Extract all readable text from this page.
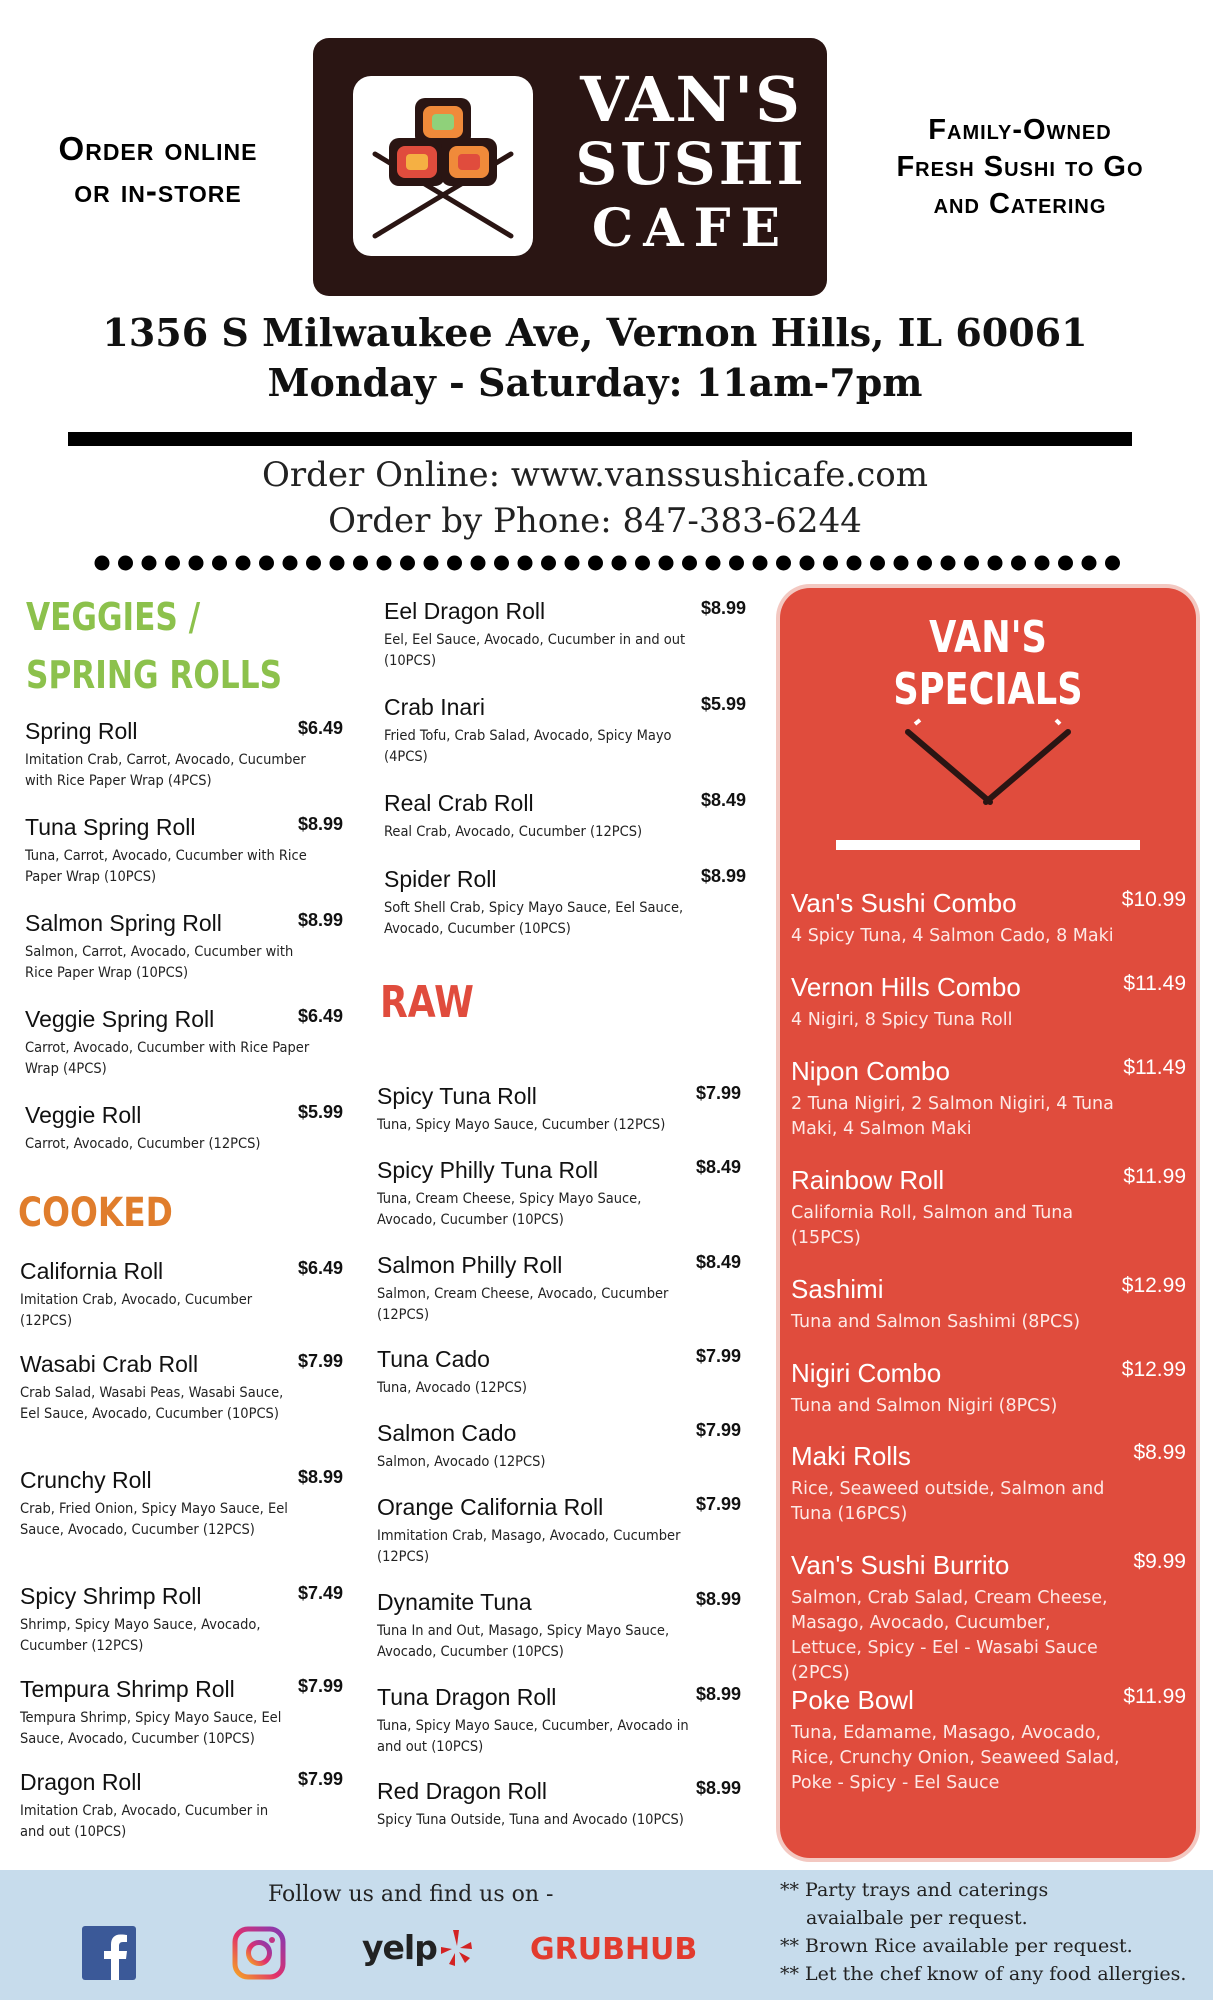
Order online
or in-store
VAN'S
SUSHI
CAFE
Family-Owned
Fresh Sushi to Go
and Catering
1356 S Milwaukee Ave, Vernon Hills, IL 60061
Monday - Saturday: 11am-7pm
Order Online: www.vanssushicafe.com
Order by Phone: 847-383-6244
VEGGIES /
SPRING ROLLS
Spring Roll	$6.49
Imitation Crab, Carrot, Avocado, Cucumber with Rice Paper Wrap (4PCS)
Tuna Spring Roll	$8.99
Tuna, Carrot, Avocado, Cucumber with Rice Paper Wrap (10PCS)
Salmon Spring Roll	$8.99
Salmon, Carrot, Avocado, Cucumber with Rice Paper Wrap (10PCS)
Veggie Spring Roll	$6.49
Carrot, Avocado, Cucumber with Rice Paper Wrap (4PCS)
Veggie Roll	$5.99
Carrot, Avocado, Cucumber (12PCS)
COOKED
California Roll	$6.49
Imitation Crab, Avocado, Cucumber (12PCS)
Wasabi Crab Roll	$7.99
Crab Salad, Wasabi Peas, Wasabi Sauce, Eel Sauce, Avocado, Cucumber (10PCS)
Crunchy Roll	$8.99
Crab, Fried Onion, Spicy Mayo Sauce, Eel Sauce, Avocado, Cucumber (12PCS)
Spicy Shrimp Roll	$7.49
Shrimp, Spicy Mayo Sauce, Avocado, Cucumber (12PCS)
Tempura Shrimp Roll	$7.99
Tempura Shrimp, Spicy Mayo Sauce, Eel Sauce, Avocado, Cucumber (10PCS)
Dragon Roll	$7.99
Imitation Crab, Avocado, Cucumber in and out (10PCS)
Eel Dragon Roll	$8.99
Eel, Eel Sauce, Avocado, Cucumber in and out (10PCS)
Crab Inari	$5.99
Fried Tofu, Crab Salad, Avocado, Spicy Mayo (4PCS)
Real Crab Roll	$8.49
Real Crab, Avocado, Cucumber (12PCS)
Spider Roll	$8.99
Soft Shell Crab, Spicy Mayo Sauce, Eel Sauce, Avocado, Cucumber (10PCS)
RAW
Spicy Tuna Roll	$7.99
Tuna, Spicy Mayo Sauce, Cucumber (12PCS)
Spicy Philly Tuna Roll	$8.49
Tuna, Cream Cheese, Spicy Mayo Sauce, Avocado, Cucumber (10PCS)
Salmon Philly Roll	$8.49
Salmon, Cream Cheese, Avocado, Cucumber (12PCS)
Tuna Cado	$7.99
Tuna, Avocado (12PCS)
Salmon Cado	$7.99
Salmon, Avocado (12PCS)
Orange California Roll	$7.99
Immitation Crab, Masago, Avocado, Cucumber (12PCS)
Dynamite Tuna	$8.99
Tuna In and Out, Masago, Spicy Mayo Sauce, Avocado, Cucumber (10PCS)
Tuna Dragon Roll	$8.99
Tuna, Spicy Mayo Sauce, Cucumber, Avocado in and out (10PCS)
Red Dragon Roll	$8.99
Spicy Tuna Outside, Tuna and Avocado (10PCS)
VAN'S
SPECIALS
Van's Sushi Combo	$10.99
4 Spicy Tuna, 4 Salmon Cado, 8 Maki
Vernon Hills Combo	$11.49
4 Nigiri, 8 Spicy Tuna Roll
Nipon Combo	$11.49
2 Tuna Nigiri, 2 Salmon Nigiri, 4 Tuna Maki, 4 Salmon Maki
Rainbow Roll	$11.99
California Roll, Salmon and Tuna (15PCS)
Sashimi	$12.99
Tuna and Salmon Sashimi (8PCS)
Nigiri Combo	$12.99
Tuna and Salmon Nigiri (8PCS)
Maki Rolls	$8.99
Rice, Seaweed outside, Salmon and Tuna (16PCS)
Van's Sushi Burrito	$9.99
Salmon, Crab Salad, Cream Cheese, Masago, Avocado, Cucumber, Lettuce, Spicy - Eel - Wasabi Sauce (2PCS)
Poke Bowl	$11.99
Tuna, Edamame, Masago, Avocado, Rice, Crunchy Onion, Seaweed Salad, Poke - Spicy - Eel Sauce
Follow us and find us on -
yelp	GRUBHUB
** Party trays and caterings
avaialbale per request.
** Brown Rice available per request.
** Let the chef know of any food allergies.
